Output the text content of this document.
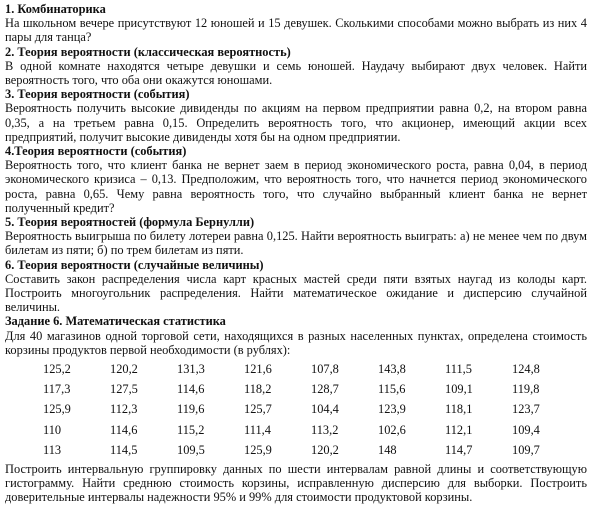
1. Комбинаторика
На школьном вечере присутствуют 12 юношей и 15 девушек. Сколькими способами можно выбрать из них 4 пары для танца?
2. Теория вероятности (классическая вероятность)
В одной комнате находятся четыре девушки и семь юношей. Наудачу выбирают двух человек. Найти вероятность того, что оба они окажутся юношами.
3. Теория вероятности (события)
Вероятность получить высокие дивиденды по акциям на первом предприятии равна 0,2, на втором равна 0,35, а на третьем равна 0,15. Определить вероятность того, что акционер, имеющий акции всех предприятий, получит высокие дивиденды хотя бы на одном предприятии.
4.Теория вероятности (события)
Вероятность того, что клиент банка не вернет заем в период экономического роста, равна 0,04, в период экономического кризиса – 0,13. Предположим, что вероятность того, что начнется период экономического роста, равна 0,65. Чему равна вероятность того, что случайно выбранный клиент банка не вернет полученный кредит?
5. Теория вероятностей (формула Бернулли)
Вероятность выигрыша по билету лотереи равна 0,125. Найти вероятность выиграть: а) не менее чем по двум билетам из пяти; б) по трем билетам из пяти.
6. Теория вероятности (случайные величины)
Составить закон распределения числа карт красных мастей среди пяти взятых наугад из колоды карт. Построить многоугольник распределения. Найти математическое ожидание и дисперсию случайной величины.
Задание 6. Математическая статистика
Для 40 магазинов одной торговой сети, находящихся в разных населенных пунктах, определена стоимость корзины продуктов первой необходимости (в рублях):
125,2	120,2	131,3	121,6	107,8	143,8	111,5	124,8
117,3	127,5	114,6	118,2	128,7	115,6	109,1	119,8
125,9	112,3	119,6	125,7	104,4	123,9	118,1	123,7
110	114,6	115,2	111,4	113,2	102,6	112,1	109,4
113	114,5	109,5	125,9	120,2	148	114,7	109,7
Построить интервальную группировку данных по шести интервалам равной длины и соответствующую гистограмму. Найти среднюю стоимость корзины, исправленную дисперсию для выборки. Построить доверительные интервалы надежности 95% и 99% для стоимости продуктовой корзины.
